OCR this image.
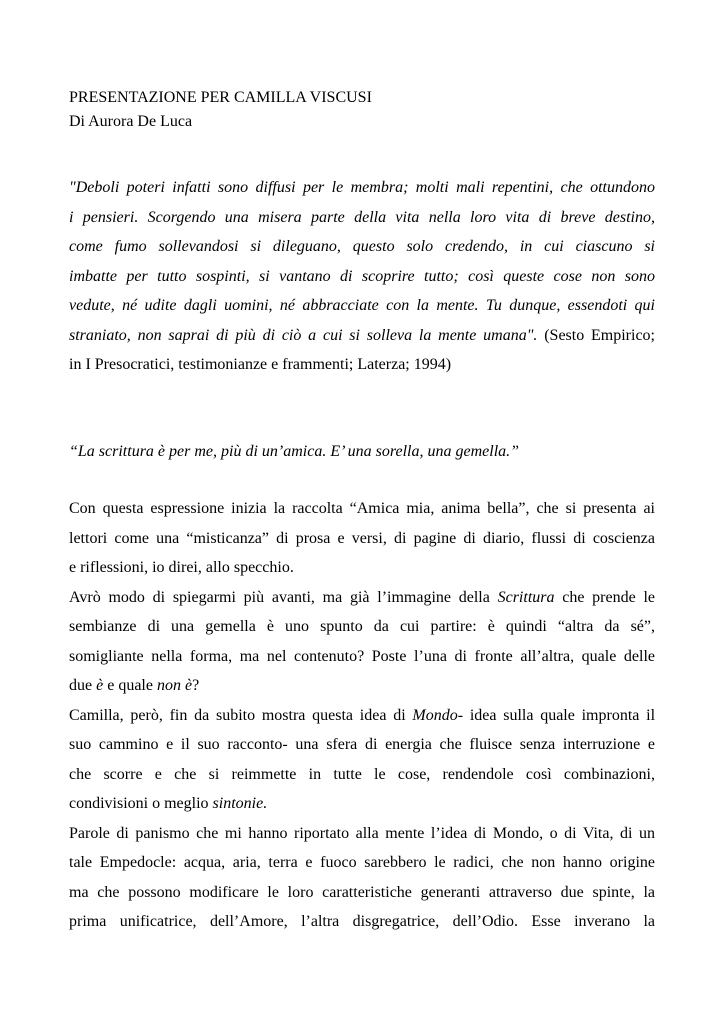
PRESENTAZIONE PER CAMILLA VISCUSI
Di Aurora De Luca
"Deboli poteri infatti sono diffusi per le membra; molti mali repentini, che ottundono
i pensieri. Scorgendo una misera parte della vita nella loro vita di breve destino,
come fumo sollevandosi si dileguano, questo solo credendo, in cui ciascuno si
imbatte per tutto sospinti, si vantano di scoprire tutto; così queste cose non sono
vedute, né udite dagli uomini, né abbracciate con la mente. Tu dunque, essendoti qui
straniato, non saprai di più di ciò a cui si solleva la mente umana". (Sesto Empirico;
in I Presocratici, testimonianze e frammenti; Laterza; 1994)
“La scrittura è per me, più di un’amica. E’ una sorella, una gemella.”
Con questa espressione inizia la raccolta “Amica mia, anima bella”, che si presenta ai
lettori come una “misticanza” di prosa e versi, di pagine di diario, flussi di coscienza
e riflessioni, io direi, allo specchio.
Avrò modo di spiegarmi più avanti, ma già l’immagine della Scrittura che prende le
sembianze di una gemella è uno spunto da cui partire: è quindi “altra da sé”,
somigliante nella forma, ma nel contenuto? Poste l’una di fronte all’altra, quale delle
due è e quale non è?
Camilla, però, fin da subito mostra questa idea di Mondo- idea sulla quale impronta il
suo cammino e il suo racconto- una sfera di energia che fluisce senza interruzione e
che scorre e che si reimmette in tutte le cose, rendendole così combinazioni,
condivisioni o meglio sintonie.
Parole di panismo che mi hanno riportato alla mente l’idea di Mondo, o di Vita, di un
tale Empedocle: acqua, aria, terra e fuoco sarebbero le radici, che non hanno origine
ma che possono modificare le loro caratteristiche generanti attraverso due spinte, la
prima unificatrice, dell’Amore, l’altra disgregatrice, dell’Odio. Esse inverano la
